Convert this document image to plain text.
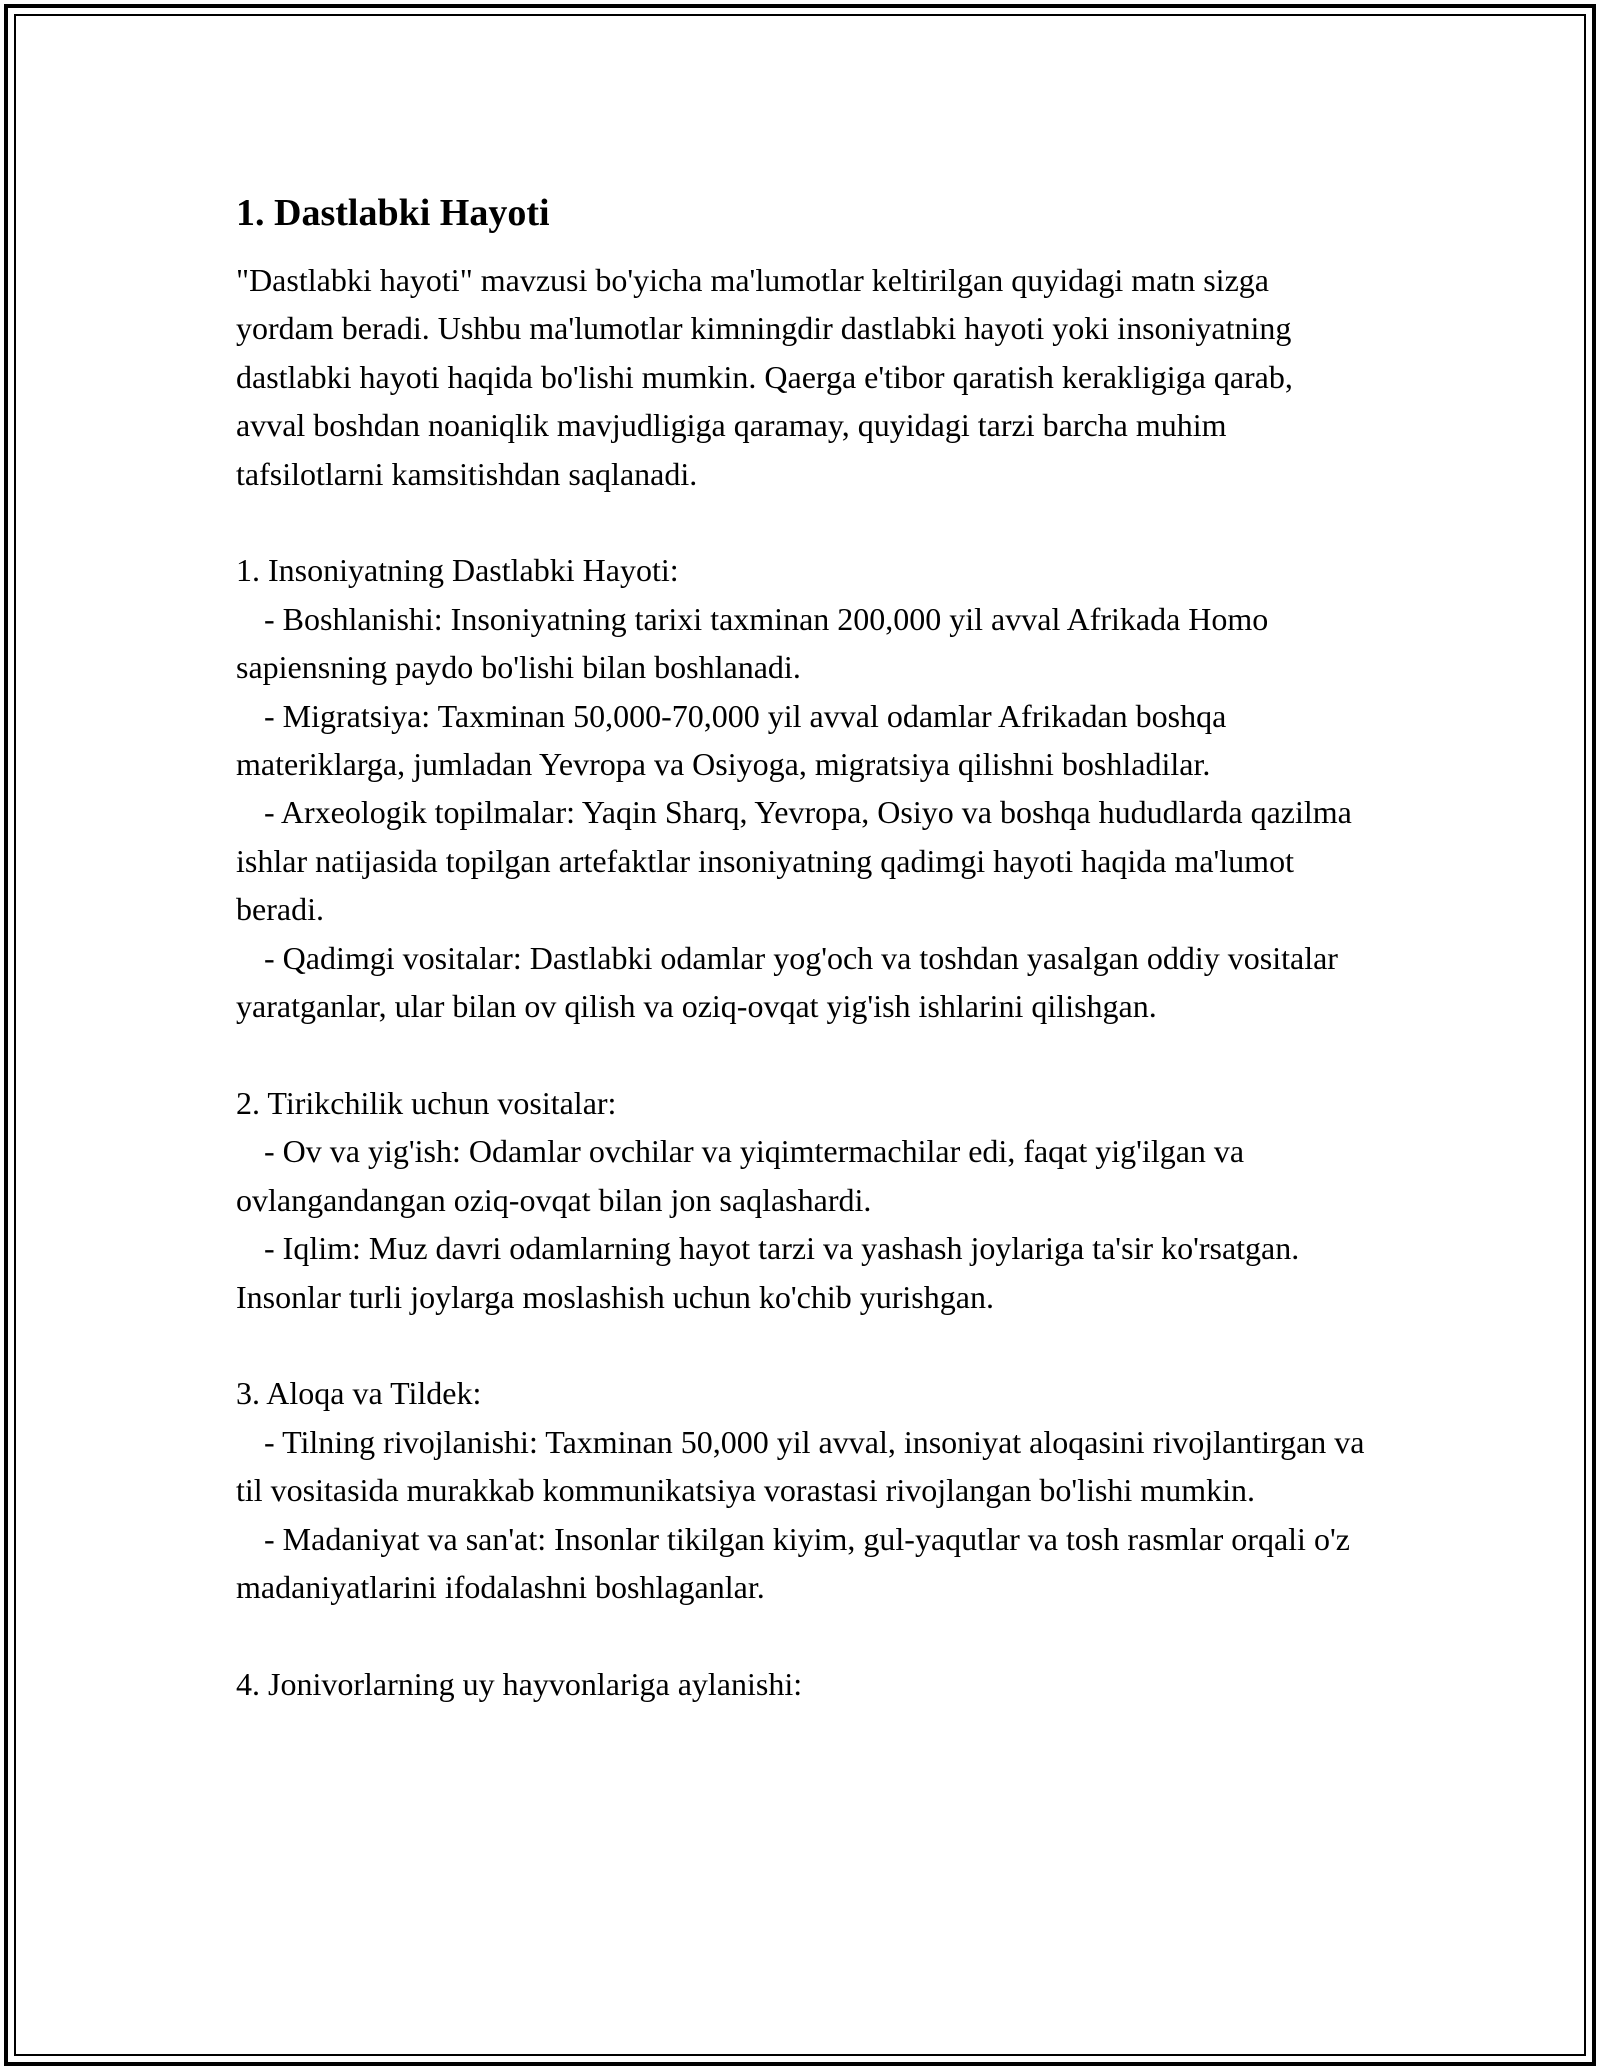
1. Dastlabki Hayoti

"Dastlabki hayoti" mavzusi bo'yicha ma'lumotlar keltirilgan quyidagi matn sizga yordam beradi. Ushbu ma'lumotlar kimningdir dastlabki hayoti yoki insoniyatning dastlabki hayoti haqida bo'lishi mumkin. Qaerga e'tibor qaratish kerakligiga qarab, avval boshdan noaniqlik mavjudligiga qaramay, quyidagi tarzi barcha muhim tafsilotlarni kamsitishdan saqlanadi.

1. Insoniyatning Dastlabki Hayoti:

- Boshlanishi: Insoniyatning tarixi taxminan 200,000 yil avval Afrikada Homo sapiensning paydo bo'lishi bilan boshlanadi.

- Migratsiya: Taxminan 50,000-70,000 yil avval odamlar Afrikadan boshqa materiklarga, jumladan Yevropa va Osiyoga, migratsiya qilishni boshladilar.

- Arxeologik topilmalar: Yaqin Sharq, Yevropa, Osiyo va boshqa hududlarda qazilma ishlar natijasida topilgan artefaktlar insoniyatning qadimgi hayoti haqida ma'lumot beradi.

- Qadimgi vositalar: Dastlabki odamlar yog'och va toshdan yasalgan oddiy vositalar yaratganlar, ular bilan ov qilish va oziq-ovqat yig'ish ishlarini qilishgan.

2. Tirikchilik uchun vositalar:

- Ov va yig'ish: Odamlar ovchilar va yiqimtermachilar edi, faqat yig'ilgan va ovlangandangan oziq-ovqat bilan jon saqlashardi.

- Iqlim: Muz davri odamlarning hayot tarzi va yashash joylariga ta'sir ko'rsatgan. Insonlar turli joylarga moslashish uchun ko'chib yurishgan.

3. Aloqa va Tildek:

- Tilning rivojlanishi: Taxminan 50,000 yil avval, insoniyat aloqasini rivojlantirgan va til vositasida murakkab kommunikatsiya vorastasi rivojlangan bo'lishi mumkin.

- Madaniyat va san'at: Insonlar tikilgan kiyim, gul-yaqutlar va tosh rasmlar orqali o'z madaniyatlarini ifodalashni boshlaganlar.

4. Jonivorlarning uy hayvonlariga aylanishi:
